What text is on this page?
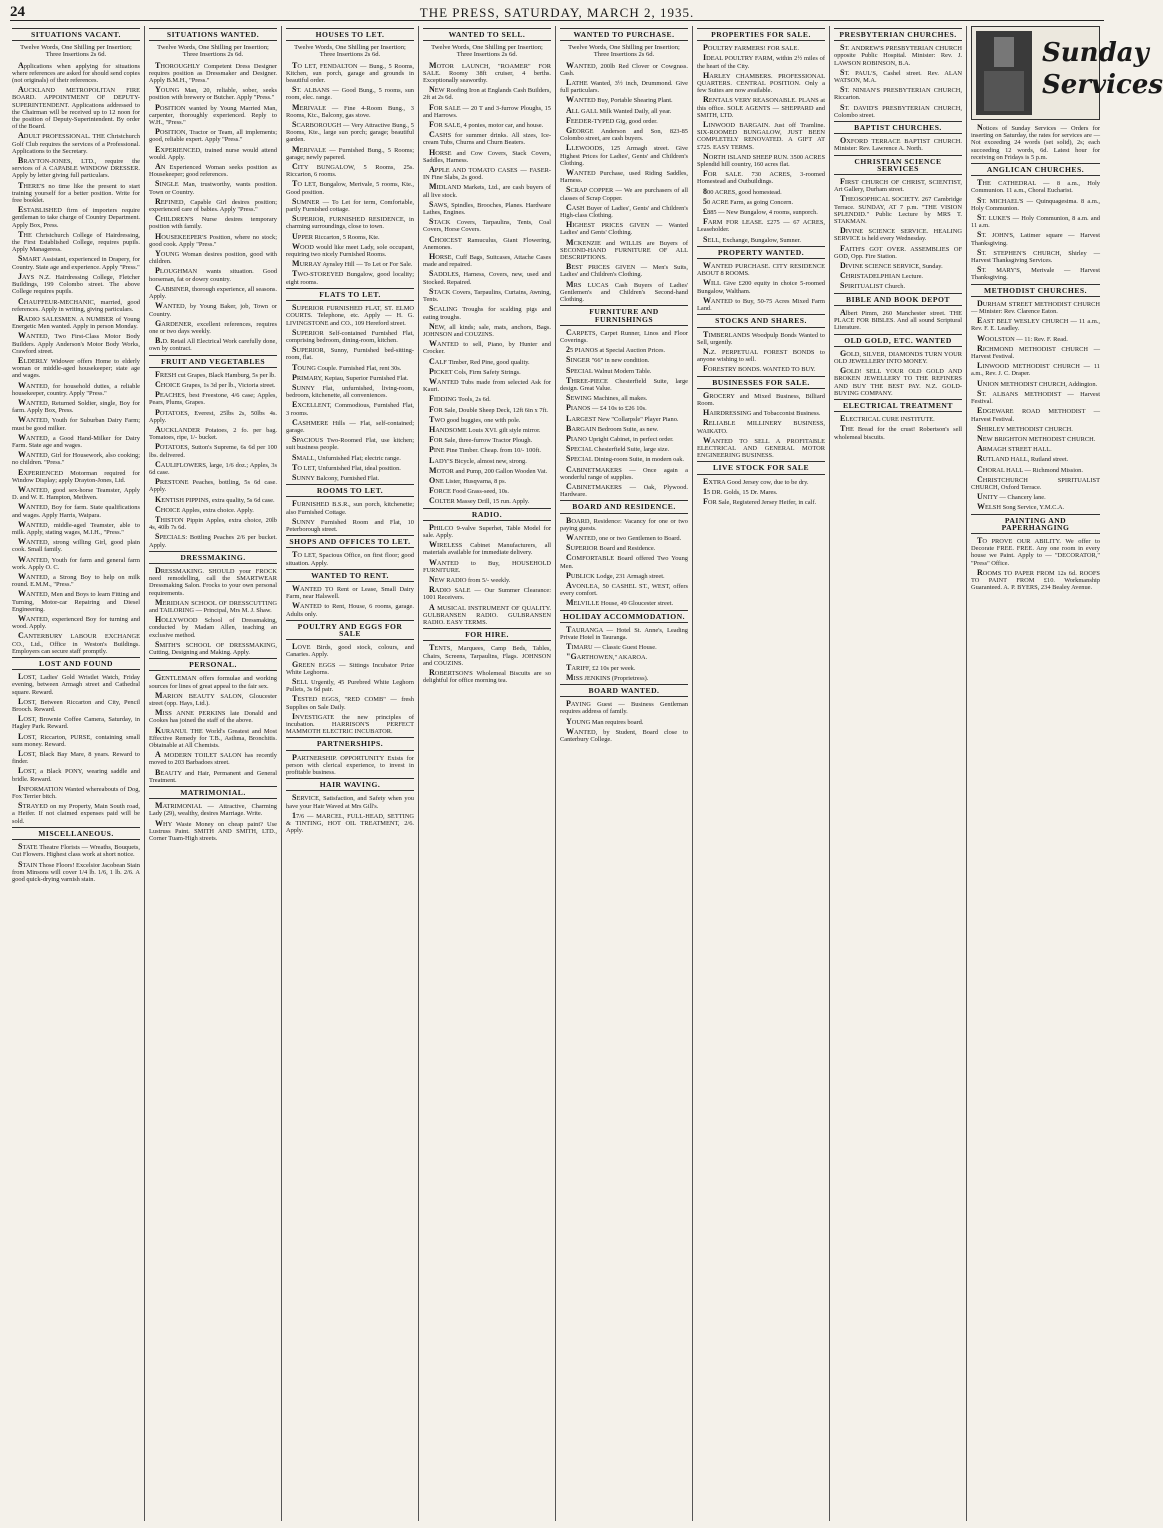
24	THE PRESS, SATURDAY, MARCH 2, 1935.
SITUATIONS VACANT.
Twelve Words, One Shilling per Insertion; Three Insertions 2s 6d.

Applications when applying for situations where references are asked for should send copies (not originals) of their references.

AUCKLAND METROPOLITAN FIRE BOARD. APPOINTMENT OF DEPUTY-SUPERINTENDENT. Applications addressed to the Chairman will be received up to 12 noon for the position of Deputy-Superintendent. By order of the Board.

ADULT PROFESSIONAL. THE Christchurch Golf Club requires the services of a Professional. Applications to the Secretary.

BRAYTON-JONES, LTD., require the services of A CAPABLE WINDOW DRESSER. Apply by letter giving full particulars.

THERE'S no time like the present to start training yourself for a better position. Write for free booklet.

ESTABLISHED firm of importers require gentleman to take charge of Country Department. Apply Box, Press.

THE Christchurch College of Hairdressing, the First Established College, requires pupils. Apply Manageress.

SMART Assistant, experienced in Drapery, for Country. State age and experience. Apply "Press."

JAYS N.Z. Hairdressing College, Fletcher Buildings, 199 Colombo street. The above College requires pupils.

CHAUFFEUR-MECHANIC, married, good references. Apply in writing, giving particulars.

RADIO SALESMEN. A NUMBER of Young Energetic Men wanted. Apply in person Monday.

WANTED, Two First-Class Motor Body Builders. Apply Anderson's Motor Body Works, Crawford street.

ELDERLY Widower offers Home to elderly woman or middle-aged housekeeper; state age and wages.

WANTED, for household duties, a reliable housekeeper, country. Apply "Press."

WANTED, Returned Soldier, single, Boy for farm. Apply Box, Press.

WANTED, Youth for Suburban Dairy Farm; must be good milker.

WANTED, a Good Hand-Milker for Dairy Farm. State age and wages.

WANTED, Girl for Housework, also cooking; no children. "Press."

EXPERIENCED Motorman required for Window Display; apply Drayton-Jones, Ltd.

WANTED, good sex-horse Teamster, Apply D. and W. E. Hampton, Methven.

WANTED, Boy for farm. State qualifications and wages. Apply Harris, Waipara.

WANTED, middle-aged Teamster, able to milk. Apply, stating wages, M.I.H., "Press."

WANTED, strong willing Girl, good plain cook. Small family.

WANTED, Youth for farm and general farm work. Apply O. C.

WANTED, a Strong Boy to help on milk round. E.M.M., "Press."

WANTED, Men and Boys to learn Fitting and Turning, Motor-car Repairing and Diesel Engineering.

WANTED, experienced Boy for turning and wood. Apply.

CANTERBURY LABOUR EXCHANGE CO., Ltd., Office in Weston's Buildings. Employers can secure staff promptly.

LOST AND FOUND

LOST, Ladies' Gold Wristlet Watch, Friday evening, between Armagh street and Cathedral square. Reward.

LOST, Between Riccarton and City, Pencil Brooch. Reward.

LOST, Brownie Coffee Camera, Saturday, in Hagley Park. Reward.

LOST, Riccarton, PURSE, containing small sum money. Reward.

LOST, Black Bay Mare, 8 years. Reward to finder.

LOST, a Black PONY, wearing saddle and bridle. Reward.

INFORMATION Wanted whereabouts of Dog, Fox Terrier bitch.

STRAYED on my Property, Main South road, a Heifer. If not claimed expenses paid will be sold.

MISCELLANEOUS.

STATE Theatre Florists — Wreaths, Bouquets, Cut Flowers. Highest class work at short notice.

STAIN Those Floors! Excelsior Jacobean Stain from Minsons will cover 1/4 lb. 1/6, 1 lb. 2/6. A good quick-drying varnish stain.

SITUATIONS WANTED.
Twelve Words, One Shilling per Insertion; Three Insertions 2s 6d.

THOROUGHLY Competent Dress Designer requires position as Dressmaker and Designer. Apply B.M.H., "Press."

YOUNG Man, 20, reliable, sober, seeks position with brewery or Butcher. Apply "Press."

POSITION wanted by Young Married Man, carpenter, thoroughly experienced. Reply to W.H., "Press."

POSITION, Tractor or Team, all implements; good, reliable expert. Apply "Press."

EXPERIENCED, trained nurse would attend would. Apply.

AN Experienced Woman seeks position as Housekeeper; good references.

SINGLE Man, trustworthy, wants position. Town or Country.

REFINED, Capable Girl desires position; experienced care of babies. Apply "Press."

CHILDREN'S Nurse desires temporary position with family.

HOUSEKEEPER'S Position, where no stock; good cook. Apply "Press."

YOUNG Woman desires position, good with children.

PLOUGHMAN wants situation. Good horseman, fat or dowry country.

CABBINER, thorough experience, all seasons. Apply.

WANTED, by Young Baker, job, Town or Country.

GARDENER, excellent references, requires one or two days weekly.

B.D. Retail All Electrical Work carefully done, own by contract.

FRUIT AND VEGETABLES

FRESH cut Grapes, Black Hamburg, 5s per lb.

CHOICE Grapes, 1s 3d per lb., Victoria street.

PEACHES, best Freestone, 4/6 case; Apples, Pears, Plums, Grapes.

POTATOES, Everest, 25lbs 2s, 50lbs 4s. Apply.

AUCKLANDER Potatoes, 2 fo. per bag. Tomatoes, ripe, 1/- bucket.

POTATOES, Sutton's Supreme, 6s 6d per 100 lbs. delivered.

CAULIFLOWERS, large, 1/6 doz.; Apples, 3s 6d case.

PRESTONE Peaches, bottling, 5s 6d case. Apply.

KENTISH PIPPINS, extra quality, 5s 6d case.

CHOICE Apples, extra choice. Apply.

THISTON Pippin Apples, extra choice, 20lb 4s, 40lb 7s 6d.

SPECIALS: Bottling Peaches 2/6 per bucket. Apply.

DRESSMAKING.

DRESSMAKING. SHOULD your FROCK need remodelling, call the SMARTWEAR Dressmaking Salon. Frocks to your own personal requirements.

MERIDIAN SCHOOL OF DRESSCUTTING and TAILORING — Principal, Mrs M. J. Shaw.

HOLLYWOOD School of Dressmaking, conducted by Madam Allen, teaching an exclusive method.

SMITH'S SCHOOL OF DRESSMAKING, Cutting, Designing and Making. Apply.

PERSONAL.

GENTLEMAN offers formulae and working sources for lines of great appeal to the fair sex.

MARION BEAUTY SALON, Gloucester street (opp. Hays, Ltd.).

MISS ANNE PERKINS late Donald and Cookes has joined the staff of the above.

KURANUI. THE World's Greatest and Most Effective Remedy for T.B., Asthma, Bronchitis. Obtainable at All Chemists.

A MODERN TOILET SALON has recently moved to 203 Barbadoes street.

BEAUTY and Hair, Permanent and General Treatment.

MATRIMONIAL.

MATRIMONIAL — Attractive, Charming Lady (29), wealthy, desires Marriage. Write.

WHY Waste Money on cheap paint? Use Lustruss Paint. SMITH AND SMITH, LTD., Corner Tuam-High streets.

HOUSES TO LET.
Twelve Words, One Shilling per Insertion; Three Insertions 2s 6d.

TO LET, FENDALTON — Bung., 5 Rooms, Kitchen, sun porch, garage and grounds in beautiful order.

ST. ALBANS — Good Bung., 5 rooms, sun room, elec. range.

MERIVALE — Fine 4-Room Bung., 3 Rooms, Ktc., Balcony, gas stove.

SCARBOROUGH — Very Attractive Bung., 5 Rooms, Kte., large sun porch; garage; beautiful garden.

MERIVALE — Furnished Bung., 5 Rooms; garage; newly papered.

CITY BUNGALOW, 5 Rooms, 25s. Riccarton, 6 rooms.

TO LET, Bungalow, Merivale, 5 rooms, Kte., Good position.

SUMNER — To Let for term, Comfortable, partly Furnished cottage.

SUPERIOR, FURNISHED RESIDENCE, in charming surroundings, close to town.

UPPER Riccarton, 5 Rooms, Kte.

WOOD would like meet Lady, sole occupant, requiring two nicely Furnished Rooms.

MURRAY Aynsley Hill — To Let or For Sale.

TWO-STOREYED Bungalow, good locality; eight rooms.

FLATS TO LET.

SUPERIOR FURNISHED FLAT, ST. ELMO COURTS. Telephone, etc. Apply — H. G. LIVINGSTONE and CO., 109 Hereford street.

SUPERIOR Self-contained Furnished Flat, comprising bedroom, dining-room, kitchen.

SUPERIOR, Sunny, Furnished bed-sitting-room, flat.

TOUNG Couple. Furnished Flat, rent 30s.

PRIMARY, Kepiau, Superior Furnished Flat.

SUNNY Flat, unfurnished, living-room, bedroom, kitchenette, all conveniences.

EXCELLENT, Commodious, Furnished Flat, 3 rooms.

CASHMERE Hills — Flat, self-contained; garage.

SPACIOUS Two-Roomed Flat, use kitchen; suit business people.

SMALL, Unfurnished Flat; electric range.

TO LET, Unfurnished Flat, ideal position.

SUNNY Balcony, Furnished Flat.

ROOMS TO LET.

FURNISHED B.S.R., sun porch, kitchenette; also Furnished Cottage.

SUNNY Furnished Room and Flat, 10 Peterborough street.

SHOPS AND OFFICES TO LET.

TO LET, Spacious Office, on first floor; good situation. Apply.

WANTED TO RENT.

WANTED TO Rent or Lease, Small Dairy Farm, near Halswell.

WANTED to Rent, House, 6 rooms, garage. Adults only.

POULTRY AND EGGS FOR SALE

LOVE Birds, good stock, colours, and Canaries. Apply.

GREEN EGGS — Sittings Incubator Prize White Leghorns.

SELL Urgently, 45 Purebred White Leghorn Pullets, 3s 6d pair.

TESTED EGGS, "RED COMB" — fresh Supplies on Sale Daily.

INVESTIGATE the new principles of incubation. HARRISON'S PERFECT MAMMOTH ELECTRIC INCUBATOR.

PARTNERSHIPS.

PARTNERSHIP. OPPORTUNITY Exists for person with clerical experience, to invest in profitable business.

HAIR WAVING.

SERVICE, Satisfaction, and Safety when you have your Hair Waved at Mrs Gill's.

17/6 — MARCEL, FULL-HEAD, SETTING & TINTING, HOT OIL TREATMENT, 2/6. Apply.

WANTED TO SELL.
Twelve Words, One Shilling per Insertion; Three Insertions 2s 6d.

MOTOR LAUNCH, "ROAMER" FOR SALE. Roomy 38ft cruiser, 4 berths. Exceptionally seaworthy.

NEW Roofing Iron at Englands Cash Builders, 2ft at 2s 6d.

FOR SALE — 20 T and 3-furrow Ploughs, 15 and Harrows.

FOR SALE, 4 ponies, motor car, and house.

CASHS for summer drinks. All sizes, Ice-cream Tubs, Churns and Churn Beaters.

HORSE and Cow Covers, Stack Covers, Saddles, Harness.

APPLE AND TOMATO CASES — FASER-IN Fine Slabs, 2s good.

MIDLAND Markets, Ltd., are cash buyers of all live stock.

SAWS, Spindles, Brooches, Planes. Hardware Lathes, Engines.

STACK Covers, Tarpaulins, Tents, Coal Covers, Horse Covers.

CHOICEST Ramuculus, Giant Flowering, Anemones.

HORSE, Cuff Bags, Suitcases, Attache Cases made and repaired.

SADDLES, Harness, Covers, new, used and Stocked. Repaired.

STACK Covers, Tarpaulins, Curtains, Awning, Tents.

SCALING Troughs for scalding pigs and eating troughs.

NEW, all kinds; sale, mats, anchors, Bags. JOHNSON and COUZINS.

WANTED to sell, Piano, by Hunter and Crocker.

CALF Timber, Red Pine, good quality.

PICKET Cols, Firm Safety Strings.

WANTED Tubs made from selected Ask for Kauri.

FIDDING Tools, 2s 6d.

FOR Sale, Double Sheep Deck, 12ft 6in x 7ft.

TWO good buggies, one with pole.

HANDSOME Louis XVI. gilt style mirror.

FOR Sale, three-furrow Tractor Plough.

PINE Pine Timber. Cheap. from 10/- 100ft.

LADY'S Bicycle, almost new, strong.

MOTOR and Pump, 200 Gallon Wooden Vat.

ONE Lister, Husqvarna, 8 ps.

FORCE Food Grass-seed, 10s.

COLTER Massey Drill, 15 run. Apply.

RADIO.

PHILCO 9-valve Superhet, Table Model for sale. Apply.

WIRELESS Cabinet Manufacturers, all materials available for immediate delivery.

WANTED to Buy, HOUSEHOLD FURNITURE.

NEW RADIO from 5/- weekly.

RADIO SALE — Our Summer Clearance: 1001 Receivers.

A MUSICAL INSTRUMENT OF QUALITY. GULBRANSEN RADIO. GULBRANSEN RADIO. EASY TERMS.

FOR HIRE.

TENTS, Marquees, Camp Beds, Tables, Chairs, Screens, Tarpaulins, Flags. JOHNSON and COUZINS.

ROBERTSON'S Wholemeal Biscuits are so delightful for office morning tea.

WANTED TO PURCHASE.
Twelve Words, One Shilling per Insertion; Three Insertions 2s 6d.

WANTED, 200lb Red Clover or Cowgrass. Cash.

LATHE Wanted, 3½ inch, Drummond. Give full particulars.

WANTED Buy, Portable Shearing Plant.

ALL GALL Milk Wanted Daily, all year.

FEEDER-TYPED Gig, good order.

GEORGE Anderson and Son, 823-85 Colombo street, are cash buyers.

LLEWOODS, 125 Armagh street. Give Highest Prices for Ladies', Gents' and Children's Clothing.

WANTED Purchase, used Riding Saddles, Harness.

SCRAP COPPER — We are purchasers of all classes of Scrap Copper.

CASH Buyer of Ladies', Gents' and Children's High-class Clothing.

HIGHEST PRICES GIVEN — Wanted Ladies' and Gents' Clothing.

MCKENZIE and WILLIS are Buyers of SECOND-HAND FURNITURE OF ALL DESCRIPTIONS.

BEST PRICES GIVEN — Men's Suits, Ladies' and Children's Clothing.

MRS LUCAS Cash Buyers of Ladies' Gentlemen's and Children's Second-hand Clothing.

FURNITURE AND FURNISHINGS

CARPETS, Carpet Runner, Linos and Floor Coverings.

25 PIANOS at Special Auction Prices.

SINGER "66" in new condition.

SPECIAL Walnut Modern Table.

THREE-PIECE Chesterfield Suite, large design. Great Value.

SEWING Machines, all makes.

PIANOS — £4 10s to £26 10s.

LARGEST New "Collarpsle" Player Piano.

BARGAIN Bedroom Suite, as new.

PIANO Upright Cabinet, in perfect order.

SPECIAL Chesterfield Suite, large size.

SPECIAL Dining-room Suite, in modern oak.

CABINETMAKERS — Once again a wonderful range of supplies.

CABINETMAKERS — Oak, Plywood. Hardware.

BOARD AND RESIDENCE.

BOARD, Residence: Vacancy for one or two paying guests.

WANTED, one or two Gentlemen to Board.

SUPERIOR Board and Residence.

COMFORTABLE Board offered Two Young Men.

PUBLICK Lodge, 231 Armagh street.

AVONLEA, 50 CASHEL ST., WEST, offers every comfort.

MELVILLE House, 49 Gloucester street.

HOLIDAY ACCOMMODATION.

TAURANGA — Hotel St. Anne's, Leading Private Hotel in Tauranga.

TIMARU — Classic Guest House.

"GARTHOWEN," AKAROA.

TARIFF, £2 10s per week.

MISS JENKINS (Proprietress).

BOARD WANTED.

PAYING Guest — Business Gentleman requires address of family.

YOUNG Man requires board.

WANTED, by Student, Board close to Canterbury College.

PROPERTIES FOR SALE.

POULTRY FARMERS! FOR SALE.

IDEAL POULTRY FARM, within 2½ miles of the heart of the City.

HARLEY CHAMBERS. PROFESSIONAL QUARTERS. CENTRAL POSITION. Only a few Suites are now available.

RENTALS VERY REASONABLE. PLANS at this office. SOLE AGENTS — SHEPPARD and SMITH, LTD.

LINWOOD BARGAIN. Just off Tramline. SIX-ROOMED BUNGALOW, JUST BEEN COMPLETELY RENOVATED. A GIFT AT £725. EASY TERMS.

NORTH ISLAND SHEEP RUN. 3500 ACRES Splendid hill country, 160 acres flat.

FOR SALE. 730 ACRES, 3-roomed Homestead and Outbuildings.

800 ACRES, good homestead.

50 ACRE Farm, as going Concern.

£885 — New Bungalow, 4 rooms, sunporch.

FARM FOR LEASE. £275 — 67 ACRES, Leaseholder.

SELL, Exchange, Bungalow, Sumner.

PROPERTY WANTED.

WANTED PURCHASE. CITY RESIDENCE ABOUT 8 ROOMS.

WILL Give £200 equity in choice 5-roomed Bungalow, Waltham.

WANTED to Buy, 50-75 Acres Mixed Farm Land.

STOCKS AND SHARES.

TIMBERLANDS Woodpulp Bonds Wanted to Sell, urgently.

N.Z. PERPETUAL FOREST BONDS to anyone wishing to sell.

FORESTRY BONDS. WANTED TO BUY.

BUSINESSES FOR SALE.

GROCERY and Mixed Business, Billiard Room.

HAIRDRESSING and Tobacconist Business.

RELIABLE MILLINERY BUSINESS, WAIKATO.

WANTED TO SELL A PROFITABLE ELECTRICAL AND GENERAL MOTOR ENGINEERING BUSINESS.

LIVE STOCK FOR SALE

EXTRA Good Jersey cow, due to be dry.

15 DR. Golds, 15 Dr. Mares.

FOR Sale, Registered Jersey Heifer, in calf.

PRESBYTERIAN CHURCHES.

ST. ANDREW'S PRESBYTERIAN CHURCH opposite Public Hospital. Minister: Rev. J. LAWSON ROBINSON, B.A.

ST. PAUL'S, Cashel street. Rev. ALAN WATSON, M.A.

ST. NINIAN'S PRESBYTERIAN CHURCH, Riccarton.

ST. DAVID'S PRESBYTERIAN CHURCH, Colombo street.

BAPTIST CHURCHES.

OXFORD TERRACE BAPTIST CHURCH. Minister: Rev. Lawrence A. North.

CHRISTIAN SCIENCE SERVICES

FIRST CHURCH OF CHRIST, SCIENTIST, Art Gallery, Durham street.

THEOSOPHICAL SOCIETY. 267 Cambridge Terrace. SUNDAY, AT 7 p.m. "THE VISION SPLENDID." Public Lecture by MRS T. STAKMAN.

DIVINE SCIENCE SERVICE. HEALING SERVICE is held every Wednesday.

FAITH'S GOT OVER. ASSEMBLIES OF GOD, Opp. Fire Station.

DIVINE SCIENCE SERVICE, Sunday.

CHRISTADELPHIAN Lecture.

SPIRITUALIST Church.

BIBLE AND BOOK DEPOT

Albert Pimm, 260 Manchester street. THE PLACE FOR BIBLES. And all sound Scriptural Literature.

OLD GOLD, ETC. WANTED

GOLD, SILVER, DIAMONDS TURN YOUR OLD JEWELLERY INTO MONEY.

GOLD! SELL YOUR OLD GOLD AND BROKEN JEWELLERY TO THE REFINERS AND BUY THE BEST PAY. N.Z. GOLD-BUYING COMPANY.

ELECTRICAL TREATMENT

ELECTRICAL CURE INSTITUTE.

THE Bread for the crust! Robertson's sell wholemeal biscuits.

Sunday Services

Notices of Sunday Services — Orders for inserting on Saturday, the rates for services are — Not exceeding 24 words (set solid), 2s; each succeeding 12 words, 6d. Latest hour for receiving on Fridays is 5 p.m.

ANGLICAN CHURCHES.

THE CATHEDRAL — 8 a.m., Holy Communion. 11 a.m., Choral Eucharist.

ST. MICHAEL'S — Quinquagesima. 8 a.m., Holy Communion.

ST. LUKE'S — Holy Communion, 8 a.m. and 11 a.m.

ST. JOHN'S, Latimer square — Harvest Thanksgiving.

ST. STEPHEN'S CHURCH, Shirley — Harvest Thanksgiving Services.

ST. MARY'S, Merivale — Harvest Thanksgiving.

METHODIST CHURCHES.

DURHAM STREET METHODIST CHURCH — Minister: Rev. Clarence Eaton.

EAST BELT WESLEY CHURCH — 11 a.m., Rev. F. E. Leadley.

WOOLSTON — 11: Rev. F. Read.

RICHMOND METHODIST CHURCH — Harvest Festival.

LINWOOD METHODIST CHURCH — 11 a.m., Rev. J. C. Draper.

UNION METHODIST CHURCH, Addington.

ST. ALBANS METHODIST — Harvest Festival.

EDGEWARE ROAD METHODIST — Harvest Festival.

SHIRLEY METHODIST CHURCH.

NEW BRIGHTON METHODIST CHURCH.

ARMAGH STREET HALL.

RUTLAND HALL, Rutland street.

CHORAL HALL — Richmond Mission.

CHRISTCHURCH SPIRITUALIST CHURCH, Oxford Terrace.

UNITY — Chancery lane.

WELSH Song Service, Y.M.C.A.

PAINTING AND PAPERHANGING

TO PROVE OUR ABILITY. We offer to Decorate FREE. FREE. Any one room in every house we Paint. Apply to — "DECORATOR," "Press" Office.

ROOMS TO PAPER FROM 12s 6d. ROOFS TO PAINT FROM £10. Workmanship Guaranteed. A. P. BYERS, 234 Bealey Avenue.
